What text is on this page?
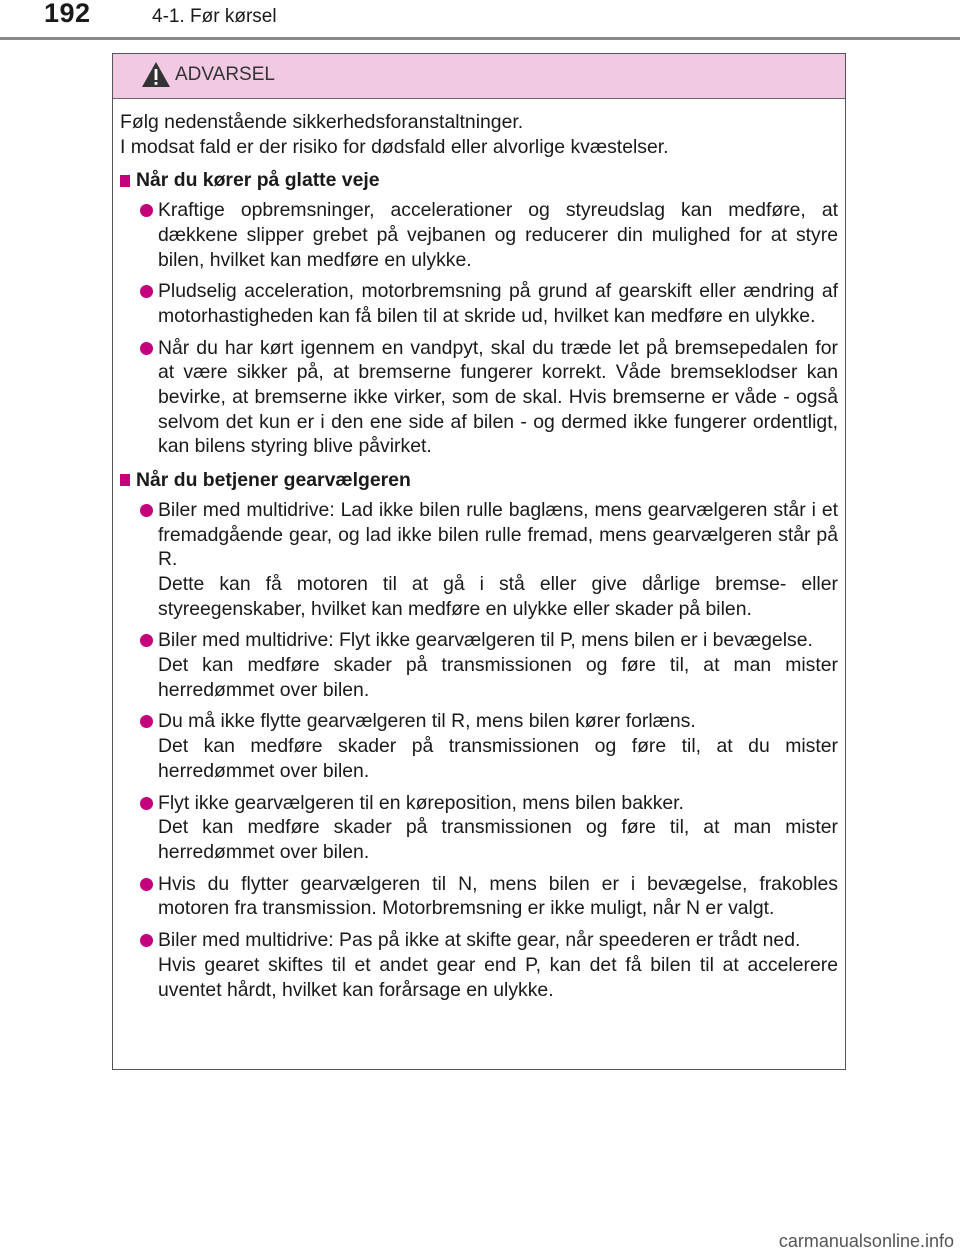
192	4-1. Før kørsel
ADVARSEL

Følg nedenstående sikkerhedsforanstaltninger.

I modsat fald er der risiko for dødsfald eller alvorlige kvæstelser.

Når du kører på glatte veje

Kraftige opbremsninger, accelerationer og styreudslag kan medføre, at dækkene slipper grebet på vejbanen og reducerer din mulighed for at styre bilen, hvilket kan medføre en ulykke.

Pludselig acceleration, motorbremsning på grund af gearskift eller ændring af motorhastigheden kan få bilen til at skride ud, hvilket kan medføre en ulykke.

Når du har kørt igennem en vandpyt, skal du træde let på bremsepedalen for at være sikker på, at bremserne fungerer korrekt. Våde bremseklodser kan bevirke, at bremserne ikke virker, som de skal. Hvis bremserne er våde - også selvom det kun er i den ene side af bilen - og dermed ikke fungerer ordentligt, kan bilens styring blive påvirket.

Når du betjener gearvælgeren

Biler med multidrive: Lad ikke bilen rulle baglæns, mens gearvælgeren står i et fremadgående gear, og lad ikke bilen rulle fremad, mens gearvælgeren står på R.

Dette kan få motoren til at gå i stå eller give dårlige bremse- eller styreegenskaber, hvilket kan medføre en ulykke eller skader på bilen.

Biler med multidrive: Flyt ikke gearvælgeren til P, mens bilen er i bevægelse.

Det kan medføre skader på transmissionen og føre til, at man mister herredømmet over bilen.

Du må ikke flytte gearvælgeren til R, mens bilen kører forlæns.

Det kan medføre skader på transmissionen og føre til, at du mister herredømmet over bilen.

Flyt ikke gearvælgeren til en køreposition, mens bilen bakker.

Det kan medføre skader på transmissionen og føre til, at man mister herredømmet over bilen.

Hvis du flytter gearvælgeren til N, mens bilen er i bevægelse, frakobles motoren fra transmission. Motorbremsning er ikke muligt, når N er valgt.

Biler med multidrive: Pas på ikke at skifte gear, når speederen er trådt ned.

Hvis gearet skiftes til et andet gear end P, kan det få bilen til at accelerere uventet hårdt, hvilket kan forårsage en ulykke.

carmanualsonline.info
